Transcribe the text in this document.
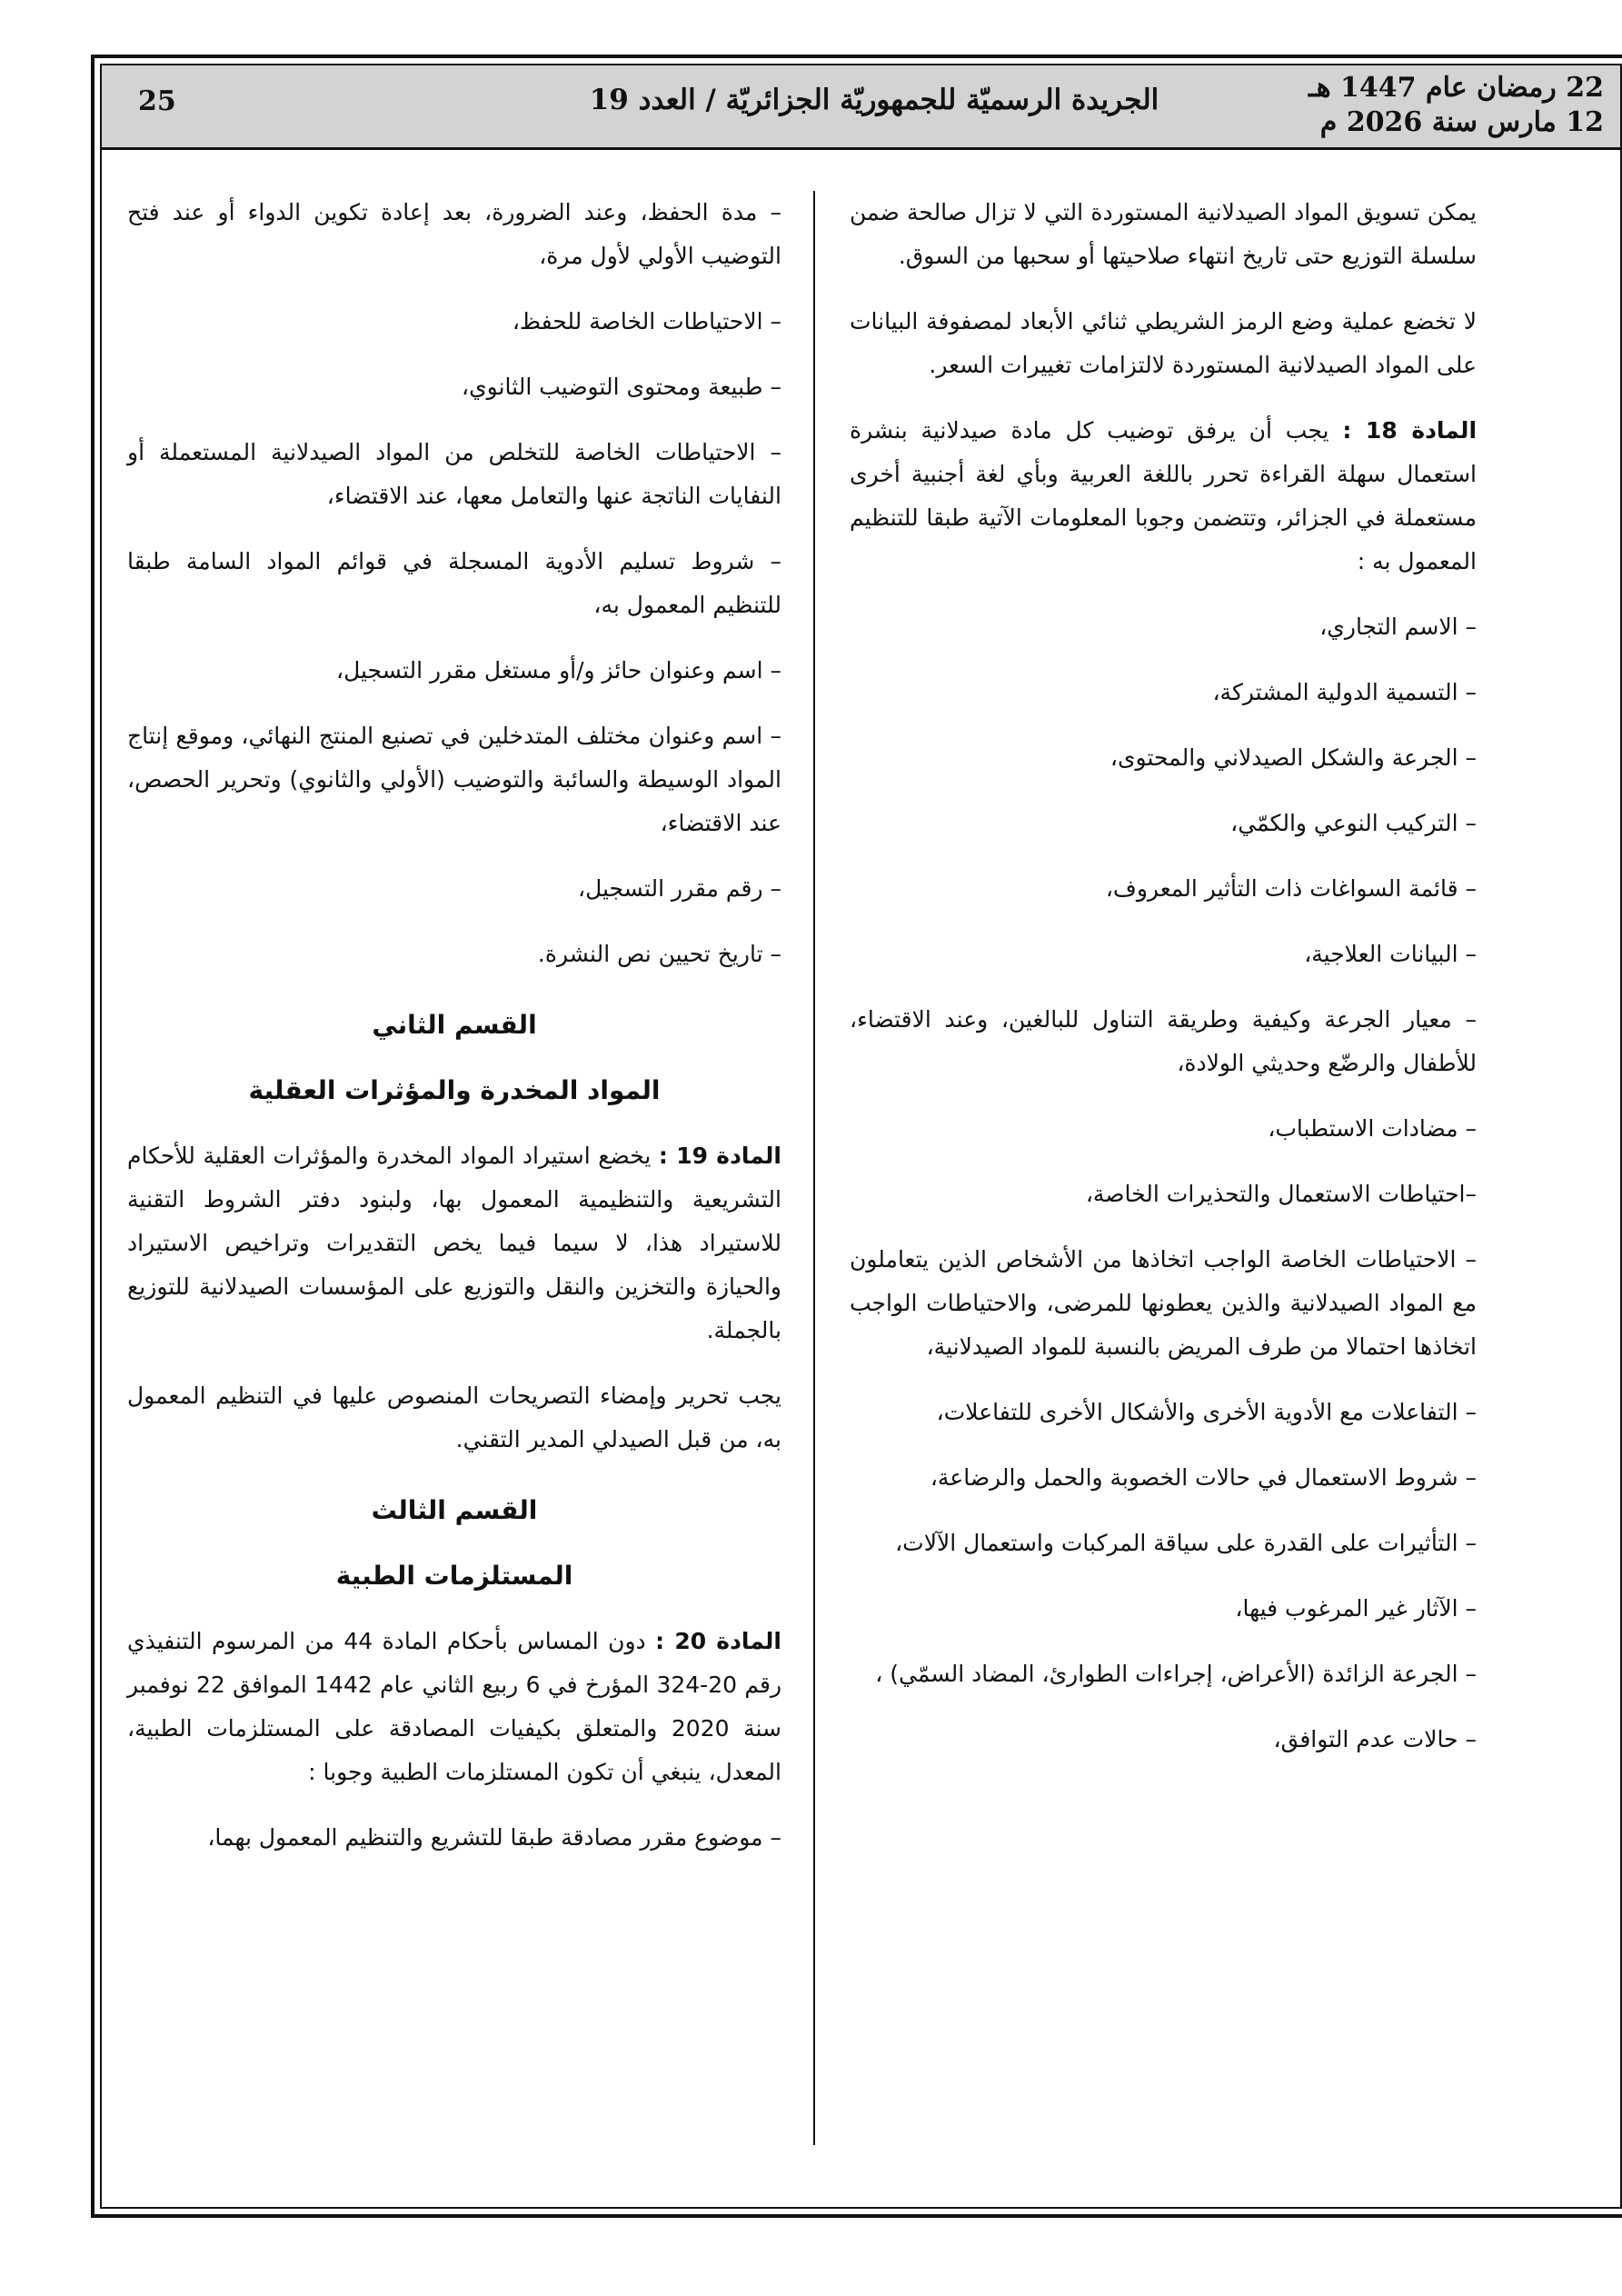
22 رمضان عام 1447 هـ
12 مارس سنة 2026 م
الجريدة الرسميّة للجمهوريّة الجزائريّة / العدد 19
25

يمكن تسويق المواد الصيدلانية المستوردة التي لا تزال صالحة ضمن سلسلة التوزيع حتى تاريخ انتهاء صلاحيتها أو سحبها من السوق.

لا تخضع عملية وضع الرمز الشريطي ثنائي الأبعاد لمصفوفة البيانات على المواد الصيدلانية المستوردة لالتزامات تغييرات السعر.

المادة 18 : يجب أن يرفق توضيب كل مادة صيدلانية بنشرة استعمال سهلة القراءة تحرر باللغة العربية وبأي لغة أجنبية أخرى مستعملة في الجزائر، وتتضمن وجوبا المعلومات الآتية طبقا للتنظيم المعمول به :

– الاسم التجاري،

– التسمية الدولية المشتركة،

– الجرعة والشكل الصيدلاني والمحتوى،

– التركيب النوعي والكمّي،

– قائمة السواغات ذات التأثير المعروف،

– البيانات العلاجية،

– معيار الجرعة وكيفية وطريقة التناول للبالغين، وعند الاقتضاء، للأطفال والرضّع وحديثي الولادة،

– مضادات الاستطباب،

–احتياطات الاستعمال والتحذيرات الخاصة،

– الاحتياطات الخاصة الواجب اتخاذها من الأشخاص الذين يتعاملون مع المواد الصيدلانية والذين يعطونها للمرضى، والاحتياطات الواجب اتخاذها احتمالا من طرف المريض بالنسبة للمواد الصيدلانية،

– التفاعلات مع الأدوية الأخرى والأشكال الأخرى للتفاعلات،

– شروط الاستعمال في حالات الخصوبة والحمل والرضاعة،

– التأثيرات على القدرة على سياقة المركبات واستعمال الآلات،

– الآثار غير المرغوب فيها،

– الجرعة الزائدة (الأعراض، إجراءات الطوارئ، المضاد السمّي) ،

– حالات عدم التوافق،

– مدة الحفظ، وعند الضرورة، بعد إعادة تكوين الدواء أو عند فتح التوضيب الأولي لأول مرة،

– الاحتياطات الخاصة للحفظ،

– طبيعة ومحتوى التوضيب الثانوي،

– الاحتياطات الخاصة للتخلص من المواد الصيدلانية المستعملة أو النفايات الناتجة عنها والتعامل معها، عند الاقتضاء،

– شروط تسليم الأدوية المسجلة في قوائم المواد السامة طبقا للتنظيم المعمول به،

– اسم وعنوان حائز و/أو مستغل مقرر التسجيل،

– اسم وعنوان مختلف المتدخلين في تصنيع المنتج النهائي، وموقع إنتاج المواد الوسيطة والسائبة والتوضيب (الأولي والثانوي) وتحرير الحصص، عند الاقتضاء،

– رقم مقرر التسجيل،

– تاريخ تحيين نص النشرة.

القسم الثاني

المواد المخدرة والمؤثرات العقلية

المادة 19 : يخضع استيراد المواد المخدرة والمؤثرات العقلية للأحكام التشريعية والتنظيمية المعمول بها، ولبنود دفتر الشروط التقنية للاستيراد هذا، لا سيما فيما يخص التقديرات وتراخيص الاستيراد والحيازة والتخزين والنقل والتوزيع على المؤسسات الصيدلانية للتوزيع بالجملة.

يجب تحرير وإمضاء التصريحات المنصوص عليها في التنظيم المعمول به، من قبل الصيدلي المدير التقني.

القسم الثالث

المستلزمات الطبية

المادة 20 : دون المساس بأحكام المادة 44 من المرسوم التنفيذي رقم 20-324 المؤرخ في 6 ربيع الثاني عام 1442 الموافق 22 نوفمبر سنة 2020 والمتعلق بكيفيات المصادقة على المستلزمات الطبية، المعدل، ينبغي أن تكون المستلزمات الطبية وجوبا :

– موضوع مقرر مصادقة طبقا للتشريع والتنظيم المعمول بهما،
